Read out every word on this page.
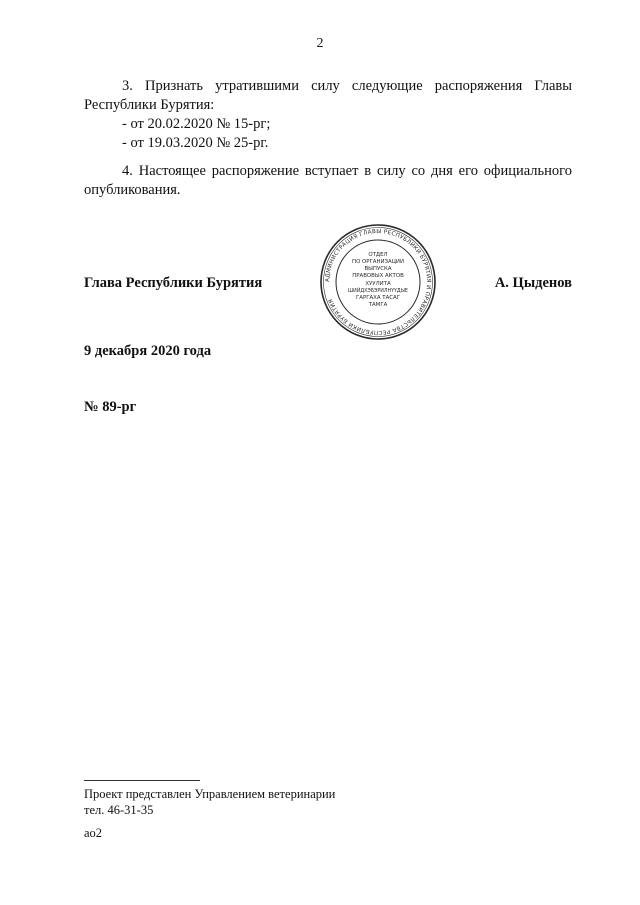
2

3. Признать утратившими силу следующие распоряжения Главы Республики Бурятия:

- от 20.02.2020 № 15-рг;

- от 19.03.2020 № 25-рг.

4. Настоящее распоряжение вступает в силу со дня его официального опубликования.

АДМИНИСТРАЦИЯ ГЛАВЫ РЕСПУБЛИКИ БУРЯТИЯ И ПРАВИТЕЛЬСТВА РЕСПУБЛИКИ БУРЯТИЯ
ОТДЕЛ
ПО ОРГАНИЗАЦИИ
ВЫПУСКА
ПРАВОВЫХ АКТОВ
ХУУЛИТА
ШИЙДХЭБЭРИЛНҮҮДЫЕ
ГАРГАХА ТАСАГ
ТАМГА
Глава Республики Бурятия	А. Цыденов
9 декабря 2020 года
№ 89-рг
Проект представлен Управлением ветеринарии
тел. 46-31-35
ао2
